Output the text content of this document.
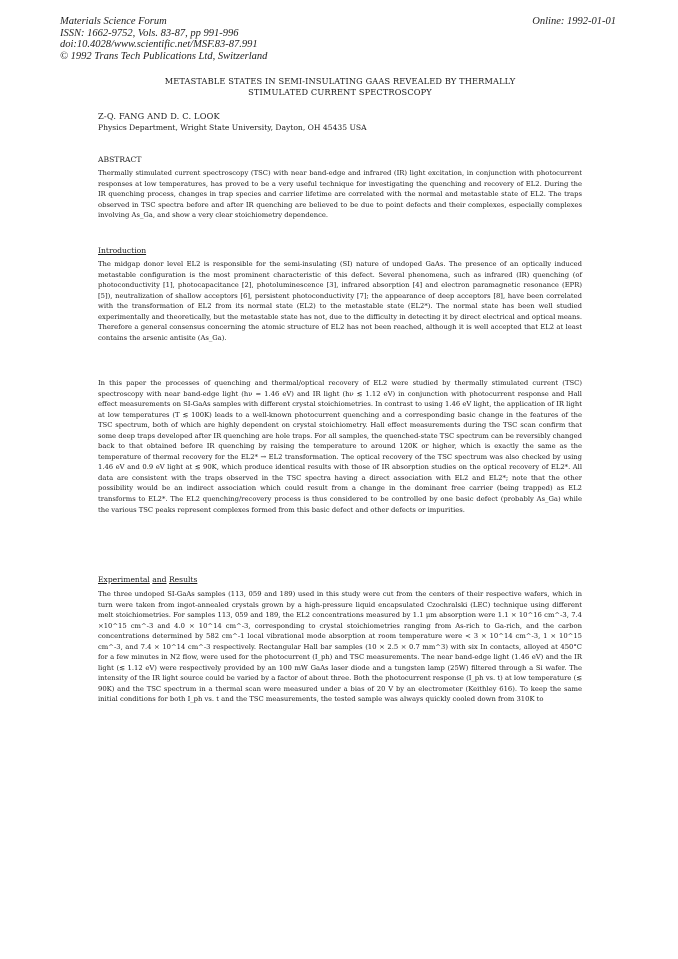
Materials Science Forum
ISSN: 1662-9752, Vols. 83-87, pp 991-996
doi:10.4028/www.scientific.net/MSF.83-87.991
© 1992 Trans Tech Publications Ltd, Switzerland
Online: 1992-01-01
METASTABLE STATES IN SEMI-INSULATING GAAS REVEALED BY THERMALLY
STIMULATED CURRENT SPECTROSCOPY
Z-Q. FANG AND D. C. LOOK
Physics Department, Wright State University, Dayton, OH 45435 USA
ABSTRACT

Thermally stimulated current spectroscopy (TSC) with near band-edge and infrared (IR) light excitation, in conjunction with photocurrent responses at low temperatures, has proved to be a very useful technique for investigating the quenching and recovery of EL2. During the IR quenching process, changes in trap species and carrier lifetime are correlated with the normal and metastable state of EL2. The traps observed in TSC spectra before and after IR quenching are believed to be due to point defects and their complexes, especially complexes involving As_Ga, and show a very clear stoichiometry dependence.

Introduction

The midgap donor level EL2 is responsible for the semi-insulating (SI) nature of undoped GaAs. The presence of an optically induced metastable configuration is the most prominent characteristic of this defect. Several phenomena, such as infrared (IR) quenching (of photoconductivity [1], photocapacitance [2], photoluminescence [3], infrared absorption [4] and electron paramagnetic resonance (EPR) [5]), neutralization of shallow acceptors [6], persistent photoconductivity [7]; the appearance of deep acceptors [8], have been correlated with the transformation of EL2 from its normal state (EL2) to the metastable state (EL2*). The normal state has been well studied experimentally and theoretically, but the metastable state has not, due to the difficulty in detecting it by direct electrical and optical means. Therefore a general consensus concerning the atomic structure of EL2 has not been reached, although it is well accepted that EL2 at least contains the arsenic antisite (As_Ga).

In this paper the processes of quenching and thermal/optical recovery of EL2 were studied by thermally stimulated current (TSC) spectroscopy with near band-edge light (hν = 1.46 eV) and IR light (hν ≲ 1.12 eV) in conjunction with photocurrent response and Hall effect measurements on SI-GaAs samples with different crystal stoichiometries. In contrast to using 1.46 eV light, the application of IR light at low temperatures (T ≲ 100K) leads to a well-known photocurrent quenching and a corresponding basic change in the features of the TSC spectrum, both of which are highly dependent on crystal stoichiometry. Hall effect measurements during the TSC scan confirm that some deep traps developed after IR quenching are hole traps. For all samples, the quenched-state TSC spectrum can be reversibly changed back to that obtained before IR quenching by raising the temperature to around 120K or higher, which is exactly the same as the temperature of thermal recovery for the EL2* → EL2 transformation. The optical recovery of the TSC spectrum was also checked by using 1.46 eV and 0.9 eV light at ≲ 90K, which produce identical results with those of IR absorption studies on the optical recovery of EL2*. All data are consistent with the traps observed in the TSC spectra having a direct association with EL2 and EL2*; note that the other possibility would be an indirect association which could result from a change in the dominant free carrier (being trapped) as EL2 transforms to EL2*. The EL2 quenching/recovery process is thus considered to be controlled by one basic defect (probably As_Ga) while the various TSC peaks represent complexes formed from this basic defect and other defects or impurities.

Experimental and Results

The three undoped SI-GaAs samples (113, 059 and 189) used in this study were cut from the centers of their respective wafers, which in turn were taken from ingot-annealed crystals grown by a high-pressure liquid encapsulated Czochralski (LEC) technique using different melt stoichiometries. For samples 113, 059 and 189, the EL2 concentrations measured by 1.1 μm absorption were 1.1 × 10^16 cm^-3, 7.4 ×10^15 cm^-3 and 4.0 × 10^14 cm^-3, corresponding to crystal stoichiometries ranging from As-rich to Ga-rich, and the carbon concentrations determined by 582 cm^-1 local vibrational mode absorption at room temperature were < 3 × 10^14 cm^-3, 1 × 10^15 cm^-3, and 7.4 × 10^14 cm^-3 respectively. Rectangular Hall bar samples (10 × 2.5 × 0.7 mm^3) with six In contacts, alloyed at 450°C for a few minutes in N2 flow, were used for the photocurrent (I_ph) and TSC measurements. The near band-edge light (1.46 eV) and the IR light (≲ 1.12 eV) were respectively provided by an 100 mW GaAs laser diode and a tungsten lamp (25W) filtered through a Si wafer. The intensity of the IR light source could be varied by a factor of about three. Both the photocurrent response (I_ph vs. t) at low temperature (≲ 90K) and the TSC spectrum in a thermal scan were measured under a bias of 20 V by an electrometer (Keithley 616). To keep the same initial conditions for both I_ph vs. t and the TSC measurements, the tested sample was always quickly cooled down from 310K to
